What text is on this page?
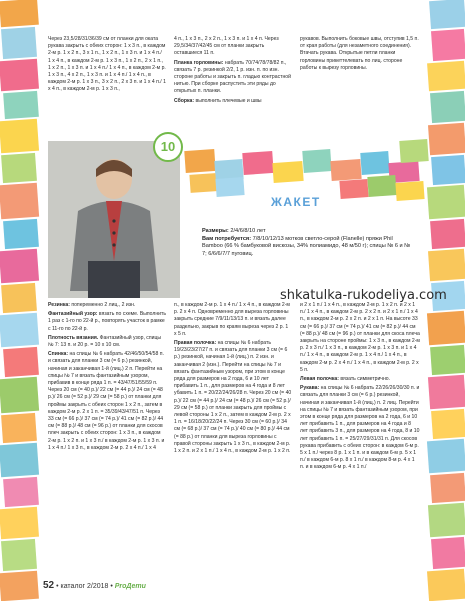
Через 23,5/28/31/36/39 см от планки для оката рукава закрыть с обеих сторон: 1 х 3 п., в каждом 2-м р. 1 х 2 п., 3 х 1 п., 1 х 2 п., 1 х 3 п. и 1 х 4 п./ 1 х 4 п., в каждом 2-м р. 1 х 3 п., 1 х 2 п., 2 х 1 п., 1 х 2 п., 1 х 3 п. и 1 х 4 п./ 1 х 4 п., в каждом 2-м р. 1 х 3 п., 4 х 2 п., 1 х 3 п. и 1 х 4 п./ 1 х 4 п., в каждом 2-м р. 1 х 3 п., 3 х 2 п., 2 х 3 п. и 1 х 4 п./ 1 х 4 п., в каждом 2-м р. 1 х 3 п.,

4 п., 1 х 3 п., 2 х 2 п., 1 х 3 п. и 1 х 4 п. Через 29,5/34/37/42/45 см от планки закрыть оставшиеся 11 п.

Планка горловины: набрать 70/74/78/78/82 п., связать 7 р. резинкой 2/2, 1 р. изн. п. по изн. стороне работы и закрыть п. гладью контрастной нитью. При сборке распустить эти ряды до открытых п. планки.

Сборка: выполнить плечевые и швы

рукавов. Выполнить боковые швы, отступив 1,5 п. от края работы (для незаметного соединения). Втачать рукава. Открытые петли планки горловины прикеттелевать по лиц. стороне работы к вырезу горловины.

10
ЖАКЕТ
Размеры: 2/4/6/8/10 лет
Вам потребуется: 7/8/10/12/13 мотков светло-серой (Flanelle) пряжи Phil Bamboo (66 % бамбуковой вискозы, 34% полиамидо, 48 м/50 г); спицы № 6 и № 7; 6/6/6/7/7 пуговиц.
shkatulka-rukodeliya.com

Резинка: попеременно 2 лиц., 2 изн.

Фантазийный узор: вязать по схеме. Выполнить 1 раз с 1-го по 22-й р., повторять участок в рамке с 11-го по 22-й р.

Плотность вязания. Фантазийный узор, спицы № 7: 13 п. и 20 р. = 10 х 10 см.

Спинка: на спицы № 6 набрать 42/46/50/54/58 п. и связать для планки 3 см (= 6 р.) резинкой, начиная и заканчивая 1-й (лиц.) 2 п. Перейти на спицы № 7 и вязать фантазийным узором, прибавив в конце ряда 1 п. = 43/47/51/55/59 п. Через 20 см (= 40 р.)/ 22 см (= 44 р.)/ 24 см (= 48 р.)/ 26 см (= 52 р.)/ 29 см (= 58 р.) от планки для проймы закрыть с обеих сторон 1 х 2 п., затем в каждом 2-м р. 2 х 1 п. = 35/39/43/47/51 п. Через 33 см (= 66 р.)/ 37 см (= 74 р.)/ 41 см (= 82 р.)/ 44 см (= 88 р.)/ 48 см (= 96 р.) от планки для скосов плеч закрыть с обеих сторон: 1 х 3 п., в каждом 2-м р. 1 х 2 п. и 1 х 3 п./ в каждом 2-м р. 1 х 3 п. и 1 х 4 п./ 1 х 3 п., в каждом 2-м р. 2 х 4 п./ 1 х 4

п., в каждом 2-м р. 1 х 4 п./ 1 х 4 п., в каждом 2-м р. 2 х 4 п. Одновременно для выреза горловины закрыть средние 7/9/11/13/13 п. и вязать далее раздельно, закрыв по краям выреза через 2 р. 1 х 5 п.

Правая полочка: на спицы № 6 набрать 19/23/23/27/27 п. и связать для планки 3 см (= 6 р.) резинкой, начиная 1-й (лиц.) п. 2 изн. и заканчивая 2 (изн.). Перейти на спицы № 7 и вязать фантазийным узором, при этом в конце ряда для размеров на 2 года, 6 и 10 лет прибавить 1 п., для размеров на 4 года и 8 лет убавить 1 п. = 20/22/24/26/28 п. Через 20 см (= 40 р.)/ 22 см (= 44 р.)/ 24 см (= 48 р.)/ 26 см (= 52 р.)/ 29 см (= 58 р.) от планки закрыть для проймы с левой стороны 1 х 2 п., затем в каждом 2-м р. 2 х 1 п. = 16/18/20/22/24 п. Через 30 см (= 60 р.)/ 34 см (= 68 р.)/ 37 см (= 74 р.)/ 40 см (= 80 р.)/ 44 см (= 88 р.) от планки для выреза горловины с правой стороны закрыть 1 х 3 п., в каждом 2-м р. 1 х 2 п. и 2 х 1 п./ 1 х 4 п., в каждом 2-м р. 1 х 2 п.

и 2 х 1 п./ 1 х 4 п., в каждом 2-м р. 1 х 2 п. и 2 х 1 п./ 1 х 4 п., в каждом 2-м р. 2 х 2 п. и 2 х 1 п./ 1 х 4 п., в каждом 2-м р. 2 х 2 п. и 2 х 1 п. На высоте 33 см (= 66 р.)/ 37 см (= 74 р.)/ 41 см (= 82 р.)/ 44 см (= 88 р.)/ 48 см (= 96 р.) от планки для скоса плеча закрыть на стороне проймы: 1 х 3 п., в каждом 2-м р. 2 х 3 п./ 1 х 3 п., в каждом 2-м р. 1 х 3 п. и 1 х 4 п./ 1 х 4 п., в каждом 2-м р. 1 х 4 п./ 1 х 4 п., в каждом 2-м р. 2 х 4 п./ 1 х 4 п., в каждом 2-м р. 2 х 5 п.

Левая полочка: вязать симметрично.

Рукава: на спицы № 6 набрать 22/26/26/30/30 п. и связать для планки 3 см (= 6 р.) резинкой, начиная и заканчивая 1-й (лиц.) п. 2 лиц. Перейти на спицы № 7 и вязать фантазийным узором, при этом в конце ряда для размеров на 2 года, 6 и 10 лет прибавить 1 п., для размеров на 4 года и 8 лет прибавить 3 п., для размеров на 4 года, 8 и 10 лет прибавить 1 п. = 25/27/29/31/31 п. Для скосов рукава прибавить с обеих сторон: в каждом 6-м р. 5 х 1 п./ через 8 р. 1 х 1 п. и в каждом 6-м р. 5 х 1 п./ в каждом 6-м р. 8 х 1 п./ в каждом 8-м р. 4 х 1 п. и в каждом 6-м р. 4 х 1 п./

52 • каталог 2/2018 • ProДети
